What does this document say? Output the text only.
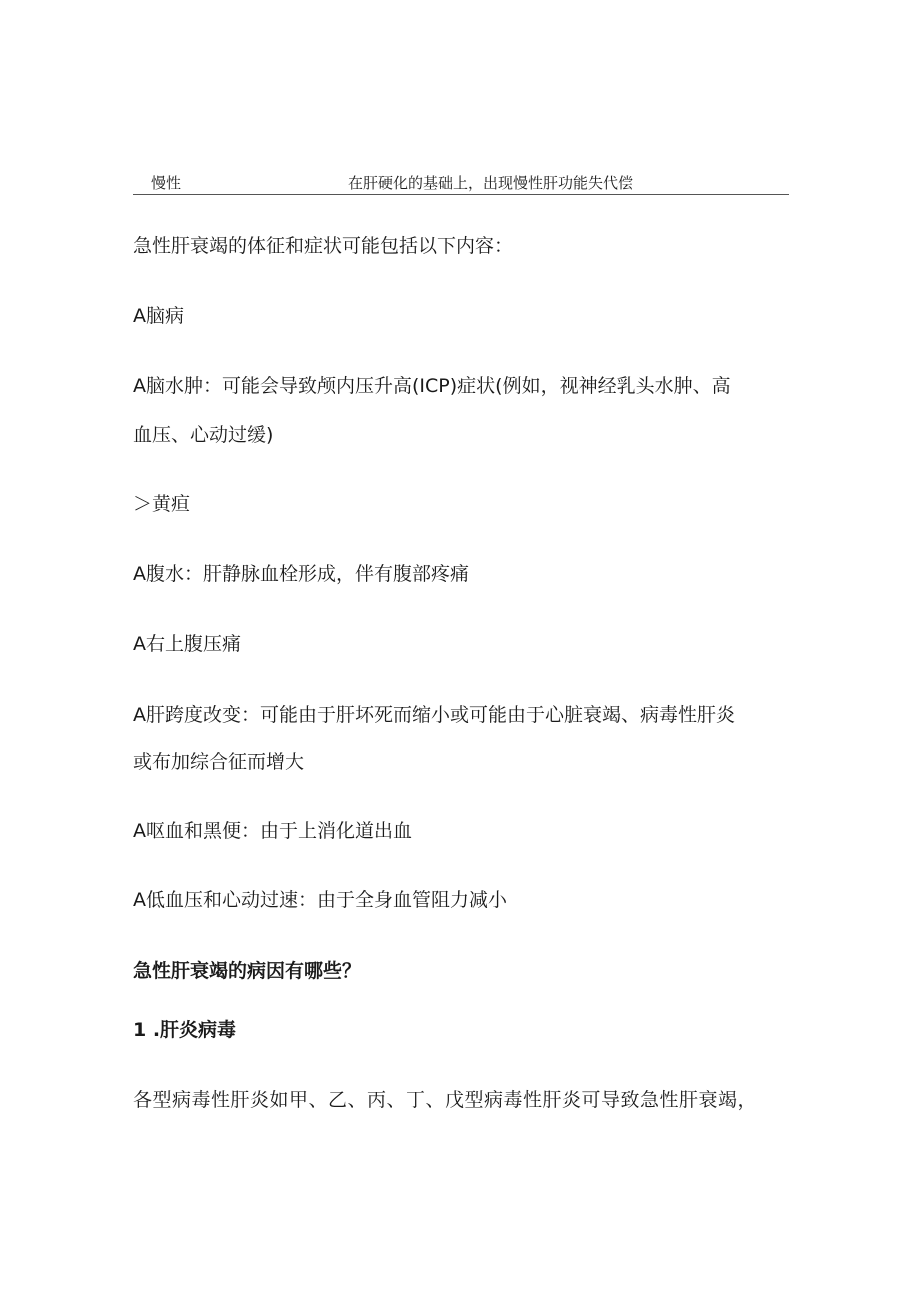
慢性	在肝硬化的基础上，出现慢性肝功能失代偿
急性肝衰竭的体征和症状可能包括以下内容：
A脑病
A脑水肿：可能会导致颅内压升高(ICP)症状(例如，视神经乳头水肿、高
血压、心动过缓)
＞黄疸
A腹水：肝静脉血栓形成，伴有腹部疼痛
A右上腹压痛
A肝跨度改变：可能由于肝坏死而缩小或可能由于心脏衰竭、病毒性肝炎
或布加综合征而增大
A呕血和黑便：由于上消化道出血
A低血压和心动过速：由于全身血管阻力减小
急性肝衰竭的病因有哪些？
1 .肝炎病毒
各型病毒性肝炎如甲、乙、丙、丁、戊型病毒性肝炎可导致急性肝衰竭，
